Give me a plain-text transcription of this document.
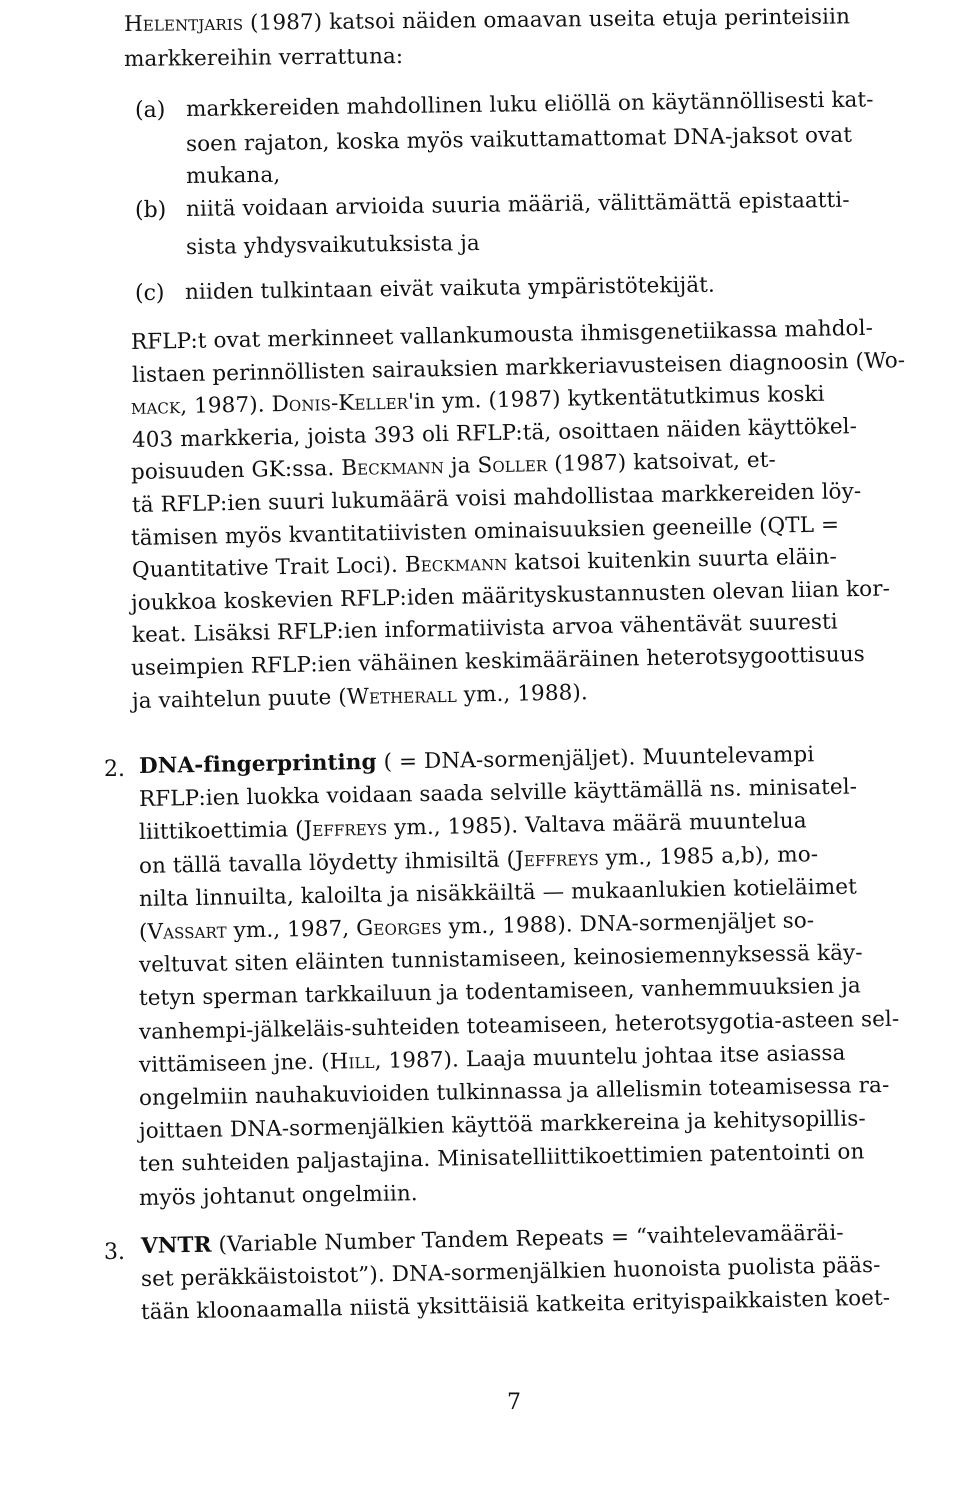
Helentjaris (1987) katsoi näiden omaavan useita etuja perinteisiin
markkereihin verrattuna:
(a) markkereiden mahdollinen luku eliöllä on käytännöllisesti kat-
soen rajaton, koska myös vaikuttamattomat DNA-jaksot ovat
mukana,
(b) niitä voidaan arvioida suuria määriä, välittämättä epistaatti-
sista yhdysvaikutuksista ja
(c) niiden tulkintaan eivät vaikuta ympäristötekijät.
RFLP:t ovat merkinneet vallankumousta ihmisgenetiikassa mahdol-
listaen perinnöllisten sairauksien markkeriavusteisen diagnoosin (Wo-
mack, 1987). Donis-Keller'in ym. (1987) kytkentätutkimus koski
403 markkeria, joista 393 oli RFLP:tä, osoittaen näiden käyttökel-
poisuuden GK:ssa. Beckmann ja Soller (1987) katsoivat, et-
tä RFLP:ien suuri lukumäärä voisi mahdollistaa markkereiden löy-
tämisen myös kvantitatiivisten ominaisuuksien geeneille (QTL =
Quantitative Trait Loci). Beckmann katsoi kuitenkin suurta eläin-
joukkoa koskevien RFLP:iden määrityskustannusten olevan liian kor-
keat. Lisäksi RFLP:ien informatiivista arvoa vähentävät suuresti
useimpien RFLP:ien vähäinen keskimääräinen heterotsygoottisuus
ja vaihtelun puute (Wetherall ym., 1988).
2. DNA-fingerprinting ( = DNA-sormenjäljet). Muuntelevampi
RFLP:ien luokka voidaan saada selville käyttämällä ns. minisatel-
liittikoettimia (Jeffreys ym., 1985). Valtava määrä muuntelua
on tällä tavalla löydetty ihmisiltä (Jeffreys ym., 1985 a,b), mo-
nilta linnuilta, kaloilta ja nisäkkäiltä — mukaanlukien kotieläimet
(Vassart ym., 1987, Georges ym., 1988). DNA-sormenjäljet so-
veltuvat siten eläinten tunnistamiseen, keinosiemennyksessä käy-
tetyn sperman tarkkailuun ja todentamiseen, vanhemmuuksien ja
vanhempi-jälkeläis-suhteiden toteamiseen, heterotsygotia-asteen sel-
vittämiseen jne. (Hill, 1987). Laaja muuntelu johtaa itse asiassa
ongelmiin nauhakuvioiden tulkinnassa ja allelismin toteamisessa ra-
joittaen DNA-sormenjälkien käyttöä markkereina ja kehitysopillis-
ten suhteiden paljastajina. Minisatelliittikoettimien patentointi on
myös johtanut ongelmiin.
3. VNTR (Variable Number Tandem Repeats = “vaihtelevamääräi-
set peräkkäistoistot”). DNA-sormenjälkien huonoista puolista pääs-
tään kloonaamalla niistä yksittäisiä katkeita erityispaikkaisten koet-
7
